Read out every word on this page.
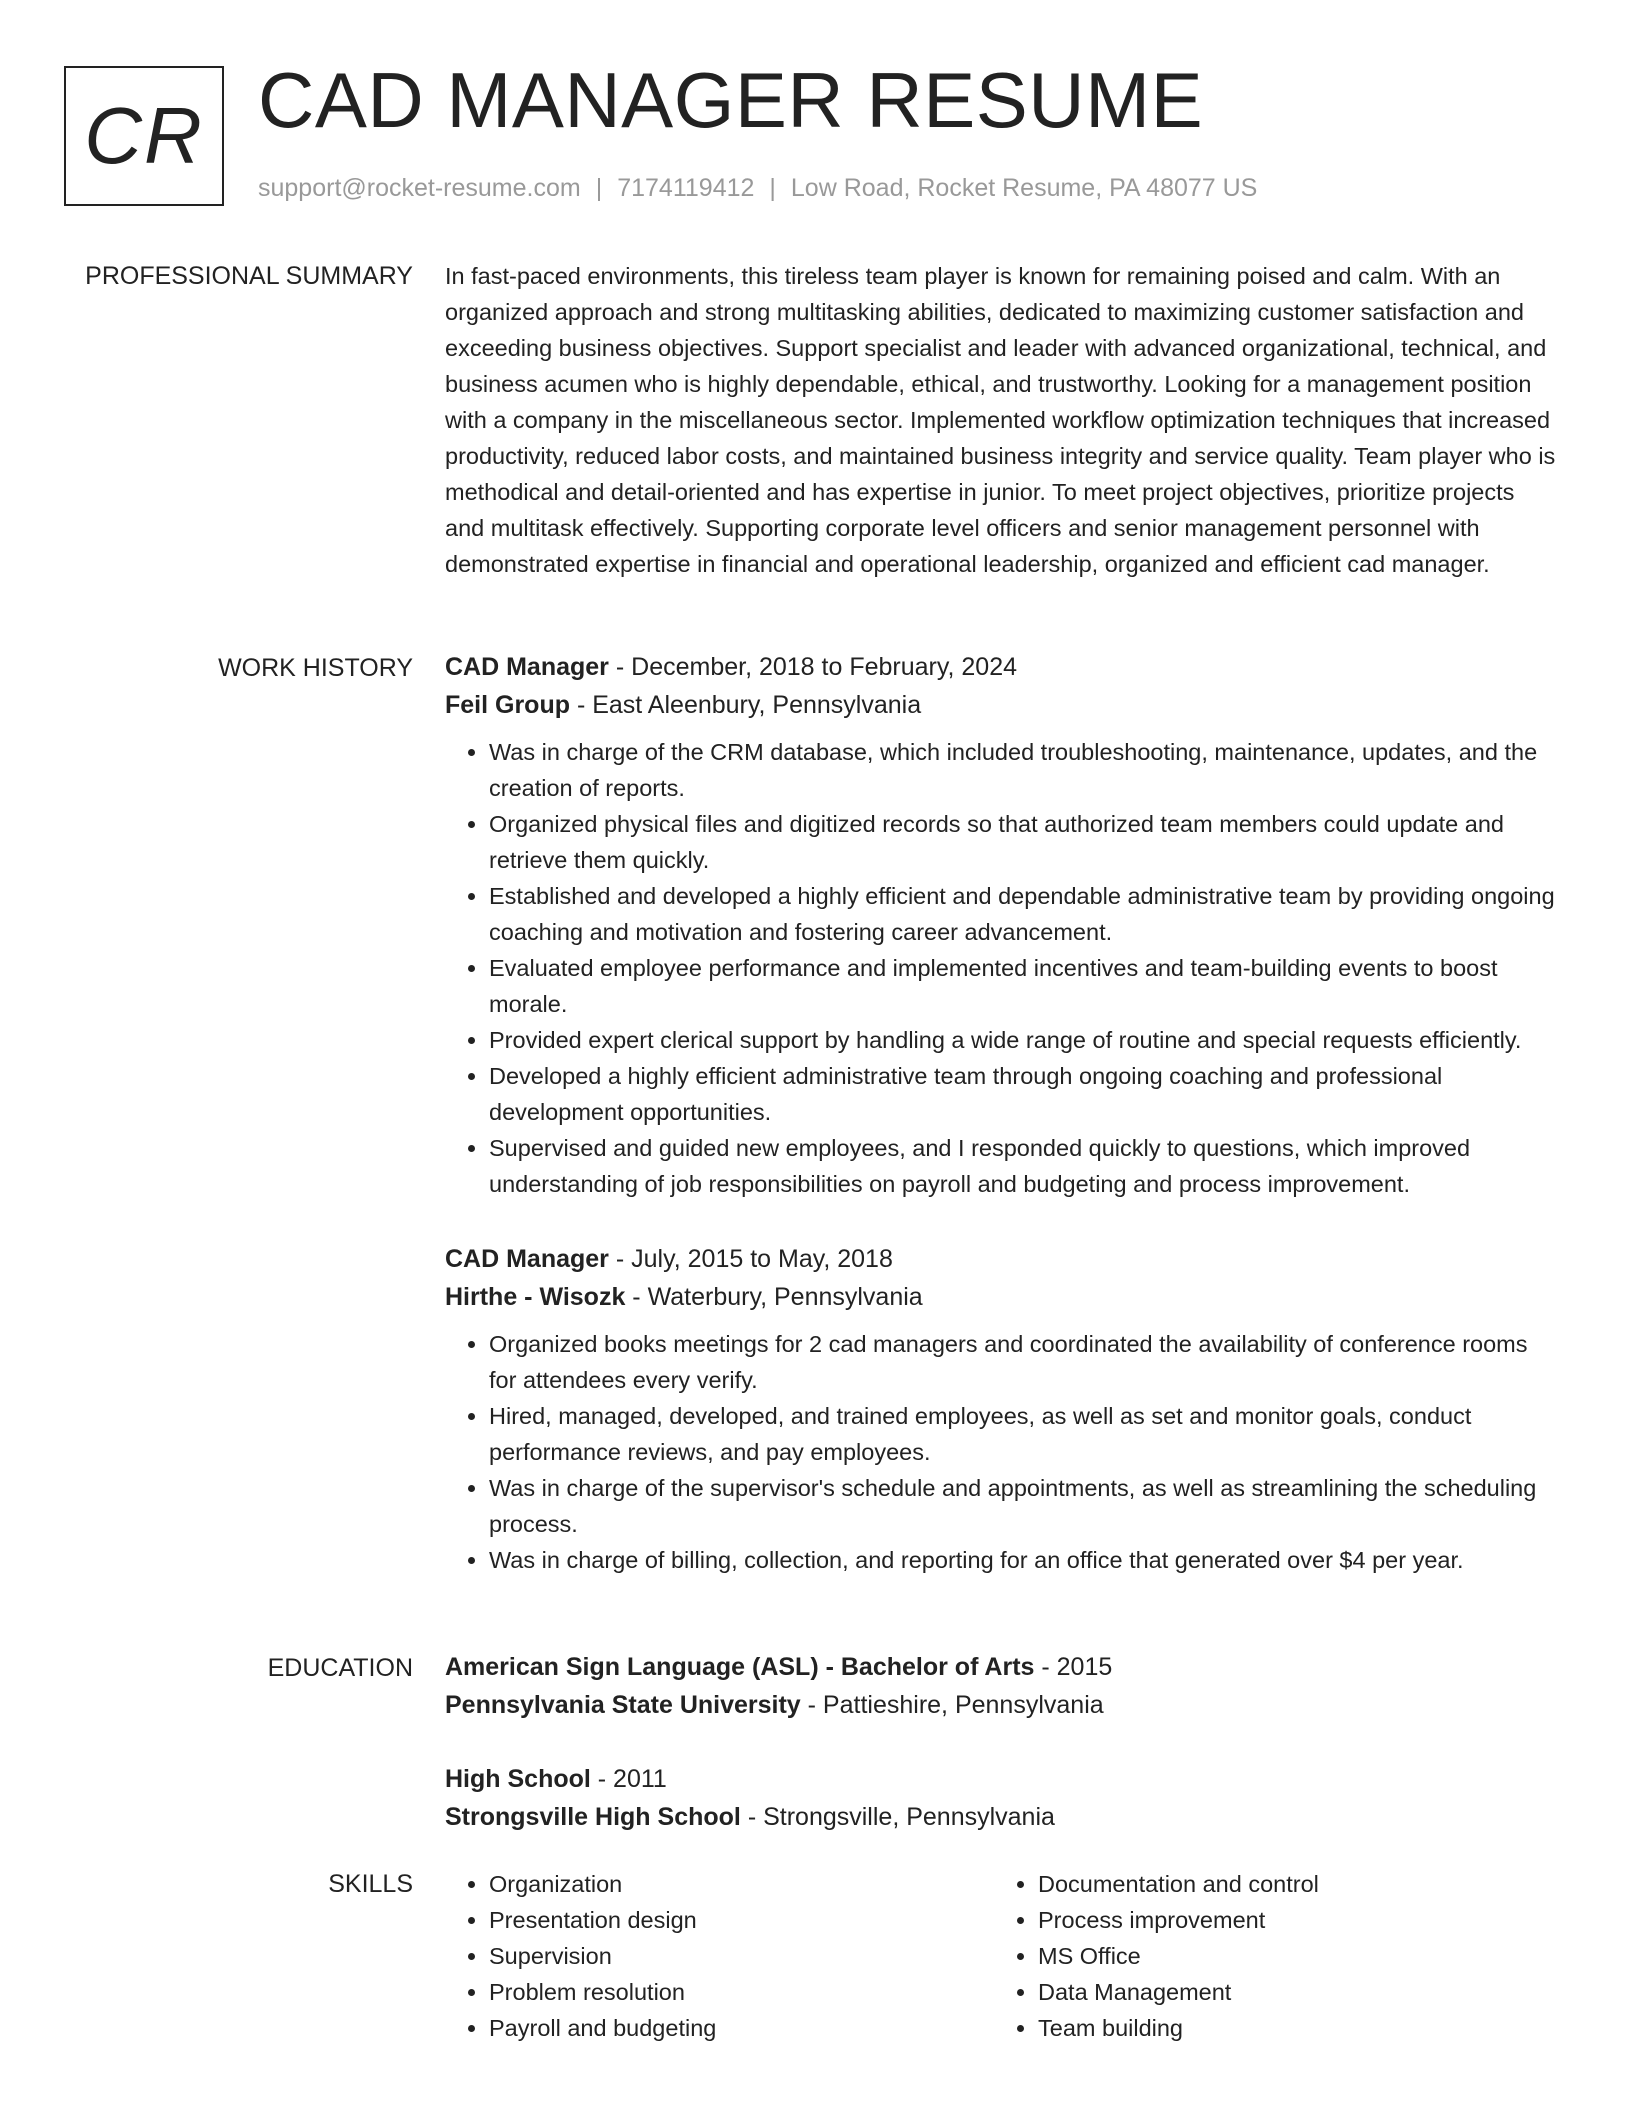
CR CAD MANAGER RESUME
support@rocket-resume.com | 7174119412 | Low Road, Rocket Resume, PA 48077 US
PROFESSIONAL SUMMARY In fast-paced environments, this tireless team player is known for remaining poised and calm. With an organized approach and strong multitasking abilities, dedicated to maximizing customer satisfaction and exceeding business objectives. Support specialist and leader with advanced organizational, technical, and business acumen who is highly dependable, ethical, and trustworthy. Looking for a management position with a company in the miscellaneous sector. Implemented workflow optimization techniques that increased productivity, reduced labor costs, and maintained business integrity and service quality. Team player who is methodical and detail-oriented and has expertise in junior. To meet project objectives, prioritize projects and multitask effectively. Supporting corporate level officers and senior management personnel with demonstrated expertise in financial and operational leadership, organized and efficient cad manager.

WORK HISTORY CAD Manager - December, 2018 to February, 2024
Feil Group - East Aleenbury, Pennsylvania
• Was in charge of the CRM database, which included troubleshooting, maintenance, updates, and the creation of reports.
• Organized physical files and digitized records so that authorized team members could update and retrieve them quickly.
• Established and developed a highly efficient and dependable administrative team by providing ongoing coaching and motivation and fostering career advancement.
• Evaluated employee performance and implemented incentives and team-building events to boost morale.
• Provided expert clerical support by handling a wide range of routine and special requests efficiently.
• Developed a highly efficient administrative team through ongoing coaching and professional development opportunities.
• Supervised and guided new employees, and I responded quickly to questions, which improved understanding of job responsibilities on payroll and budgeting and process improvement.
CAD Manager - July, 2015 to May, 2018
Hirthe - Wisozk - Waterbury, Pennsylvania
• Organized books meetings for 2 cad managers and coordinated the availability of conference rooms for attendees every verify.
• Hired, managed, developed, and trained employees, as well as set and monitor goals, conduct performance reviews, and pay employees.
• Was in charge of the supervisor's schedule and appointments, as well as streamlining the scheduling process.
• Was in charge of billing, collection, and reporting for an office that generated over $4 per year.
EDUCATION American Sign Language (ASL) - Bachelor of Arts - 2015
Pennsylvania State University - Pattieshire, Pennsylvania
High School - 2011
Strongsville High School - Strongsville, Pennsylvania
SKILLS
•	Organization
• Presentation design
• Supervision
• Problem resolution
• Payroll and budgeting
• Documentation and control
• Process improvement
• MS Office
• Data Management
• Team building
